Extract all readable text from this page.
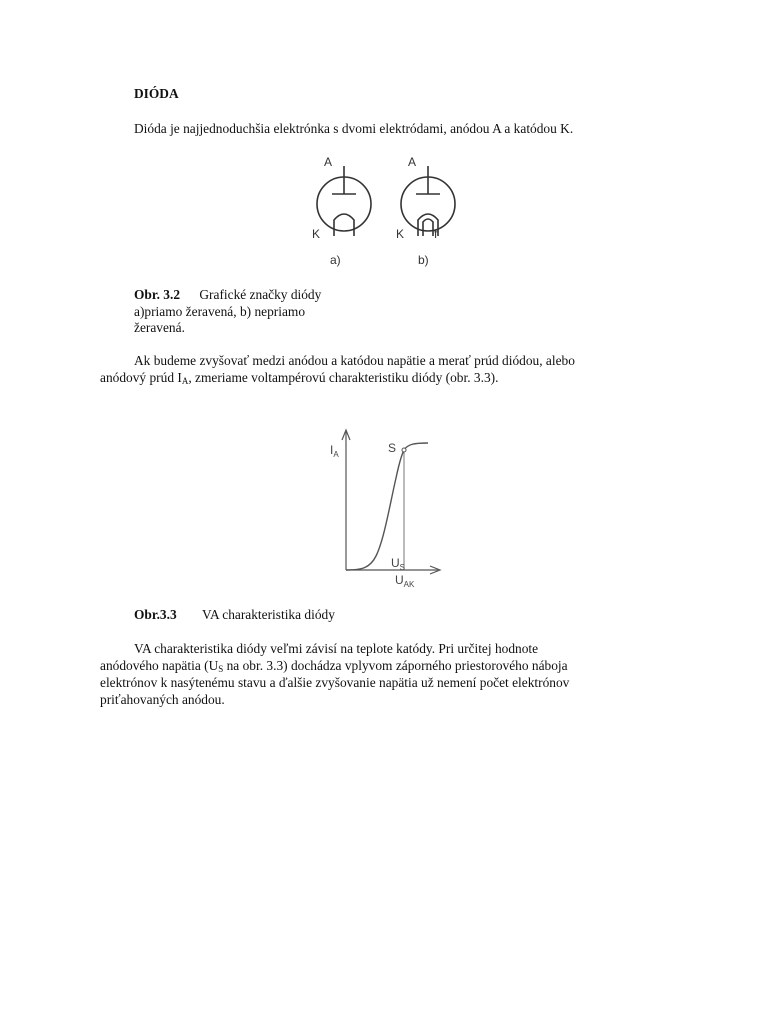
DIÓDA
Dióda je najjednoduchšia elektrónka s dvomi elektródami, anódou A a katódou K.
A
K
a)
A
K f
b)
Obr. 3.2 Grafické značky diódy
a)priamo žeravená, b) nepriamo
žeravená.
Ak budeme zvyšovať medzi anódou a katódou napätie a merať prúd diódou, alebo
anódový prúd $I_A$, zmeriame voltampérovú charakteristiku diódy (obr. 3.3).
$I_A$	S
$U_S$
$U_{AK}$
Obr.3.3 VA charakteristika diódy
VA charakteristika diódy veľmi závisí na teplote katódy. Pri určitej hodnote
anódového napätia ($U_S$ na obr. 3.3) dochádza vplyvom záporného priestorového náboja
elektrónov k nasýtenému stavu a ďalšie zvyšovanie napätia už nemení počet elektrónov
priťahovaných anódou.
